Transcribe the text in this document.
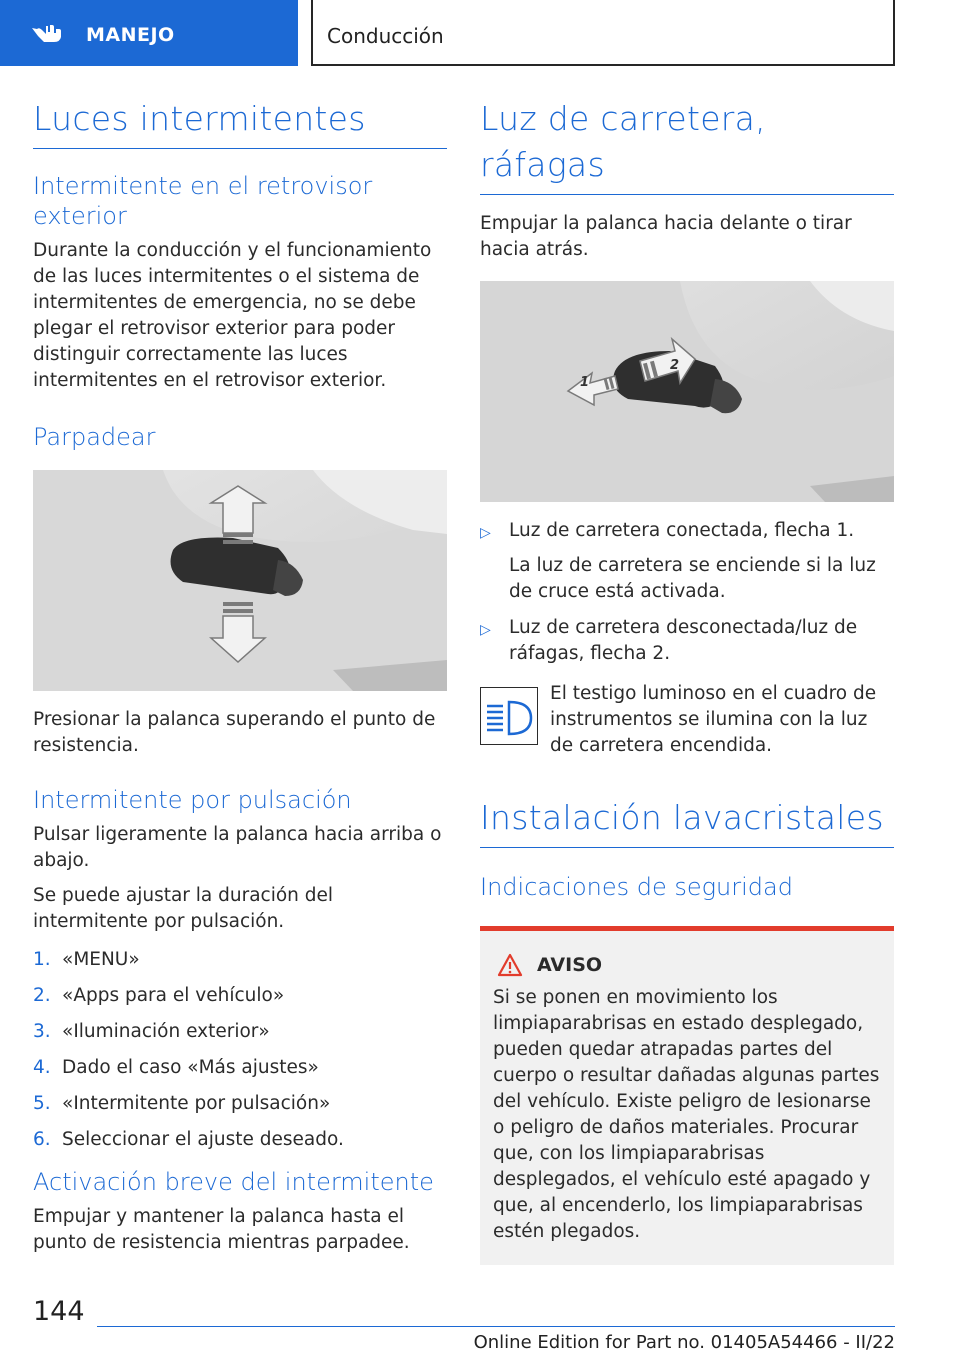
MANEJO	Conducción
Luces intermitentes
Intermitente en el retrovisor exterior
Durante la conducción y el funcionamiento de las luces intermitentes o el sistema de intermitentes de emergencia, no se debe plegar el retrovisor exterior para poder distinguir correctamente las luces intermitentes en el retrovisor exterior.
Parpadear
Presionar la palanca superando el punto de resistencia.
Intermitente por pulsación
Pulsar ligeramente la palanca hacia arriba o abajo.
Se puede ajustar la duración del intermitente por pulsación.
1. «MENU»
2. «Apps para el vehículo»
3. «Iluminación exterior»
4. Dado el caso «Más ajustes»
5. «Intermitente por pulsación»
6. Seleccionar el ajuste deseado.
Activación breve del intermitente
Empujar y mantener la palanca hasta el punto de resistencia mientras parpadee.
Luz de carretera, ráfagas
Empujar la palanca hacia delante o tirar hacia atrás.
2
1
▷ Luz de carretera conectada, flecha 1.
La luz de carretera se enciende si la luz de cruce está activada.
▷ Luz de carretera desconectada/luz de ráfagas, flecha 2.
El testigo luminoso en el cuadro de instrumentos se ilumina con la luz de carretera encendida.
Instalación lavacristales
Indicaciones de seguridad
AVISO
Si se ponen en movimiento los limpiaparabrisas en estado desplegado, pueden quedar atrapadas partes del cuerpo o resultar dañadas algunas partes del vehículo. Existe peligro de lesionarse o peligro de daños materiales. Procurar que, con los limpiaparabrisas desplegados, el vehículo esté apagado y que, al encenderlo, los limpiaparabrisas estén plegados.
144
Online Edition for Part no. 01405A54466 - II/22
